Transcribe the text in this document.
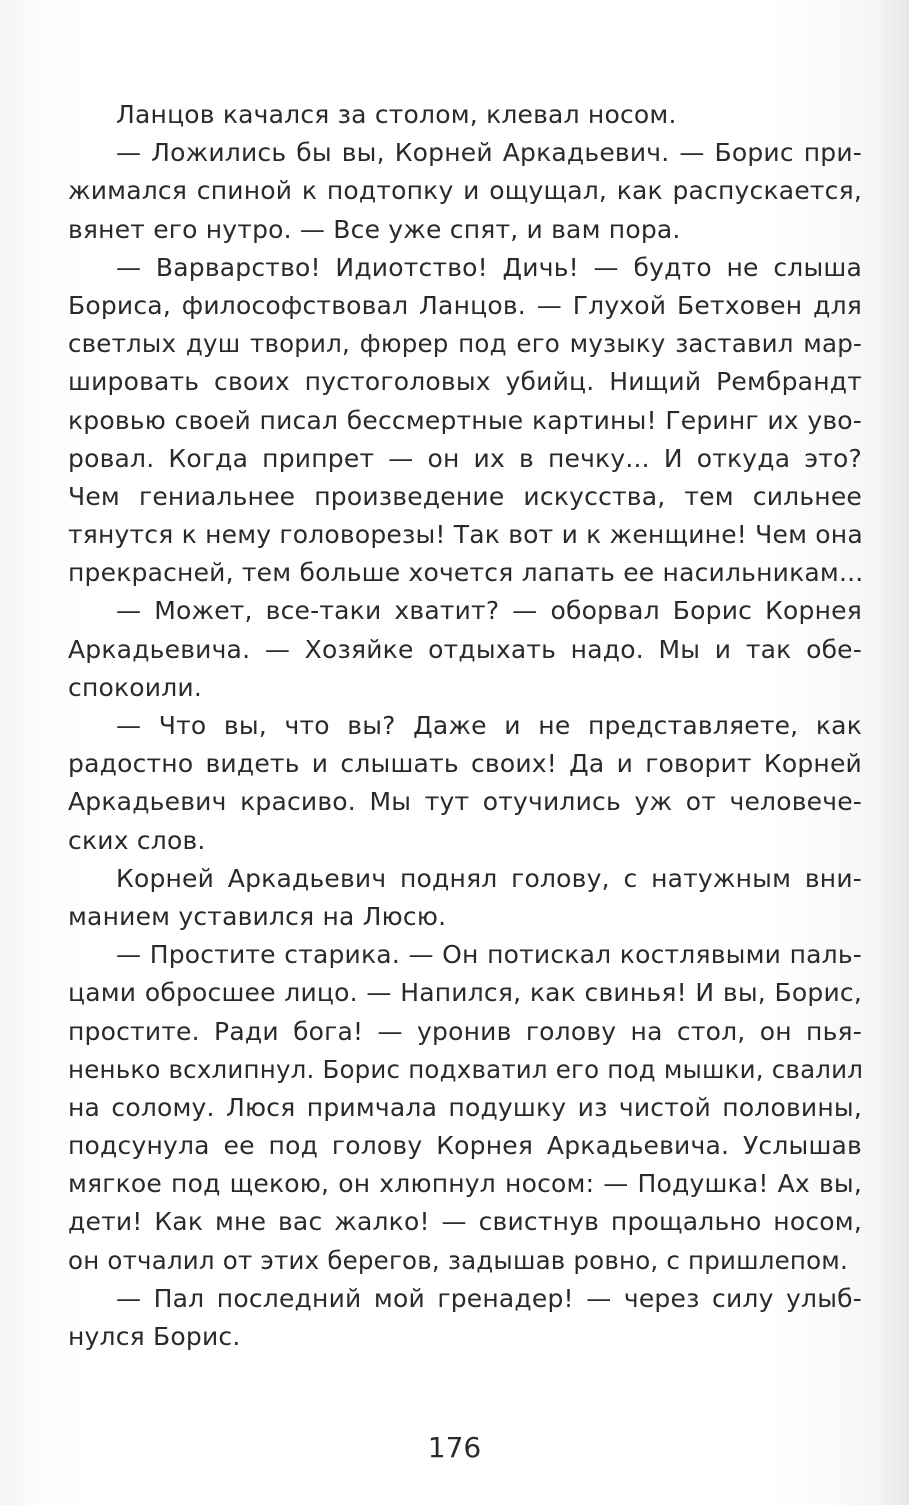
Ланцов качался за столом, клевал носом.
— Ложились бы вы, Корней Аркадьевич. — Борис при-
жимался спиной к подтопку и ощущал, как распускается,
вянет его нутро. — Все уже спят, и вам пора.
— Варварство! Идиотство! Дичь! — будто не слыша
Бориса, философствовал Ланцов. — Глухой Бетховен для
светлых душ творил, фюрер под его музыку заставил мар-
шировать своих пустоголовых убийц. Нищий Рембрандт
кровью своей писал бессмертные картины! Геринг их уво-
ровал. Когда припрет — он их в печку... И откуда это?
Чем гениальнее произведение искусства, тем сильнее
тянутся к нему головорезы! Так вот и к женщине! Чем она
прекрасней, тем больше хочется лапать ее насильникам...
— Может, все-таки хватит? — оборвал Борис Корнея
Аркадьевича. — Хозяйке отдыхать надо. Мы и так обе-
спокоили.
— Что вы, что вы? Даже и не представляете, как
радостно видеть и слышать своих! Да и говорит Корней
Аркадьевич красиво. Мы тут отучились уж от человече-
ских слов.
Корней Аркадьевич поднял голову, с натужным вни-
манием уставился на Люсю.
— Простите старика. — Он потискал костлявыми паль-
цами обросшее лицо. — Напился, как свинья! И вы, Борис,
простите. Ради бога! — уронив голову на стол, он пья-
ненько всхлипнул. Борис подхватил его под мышки, свалил
на солому. Люся примчала подушку из чистой половины,
подсунула ее под голову Корнея Аркадьевича. Услышав
мягкое под щекою, он хлюпнул носом: — Подушка! Ах вы,
дети! Как мне вас жалко! — свистнув прощально носом,
он отчалил от этих берегов, задышав ровно, с пришлепом.
— Пал последний мой гренадер! — через силу улыб-
нулся Борис.
176
